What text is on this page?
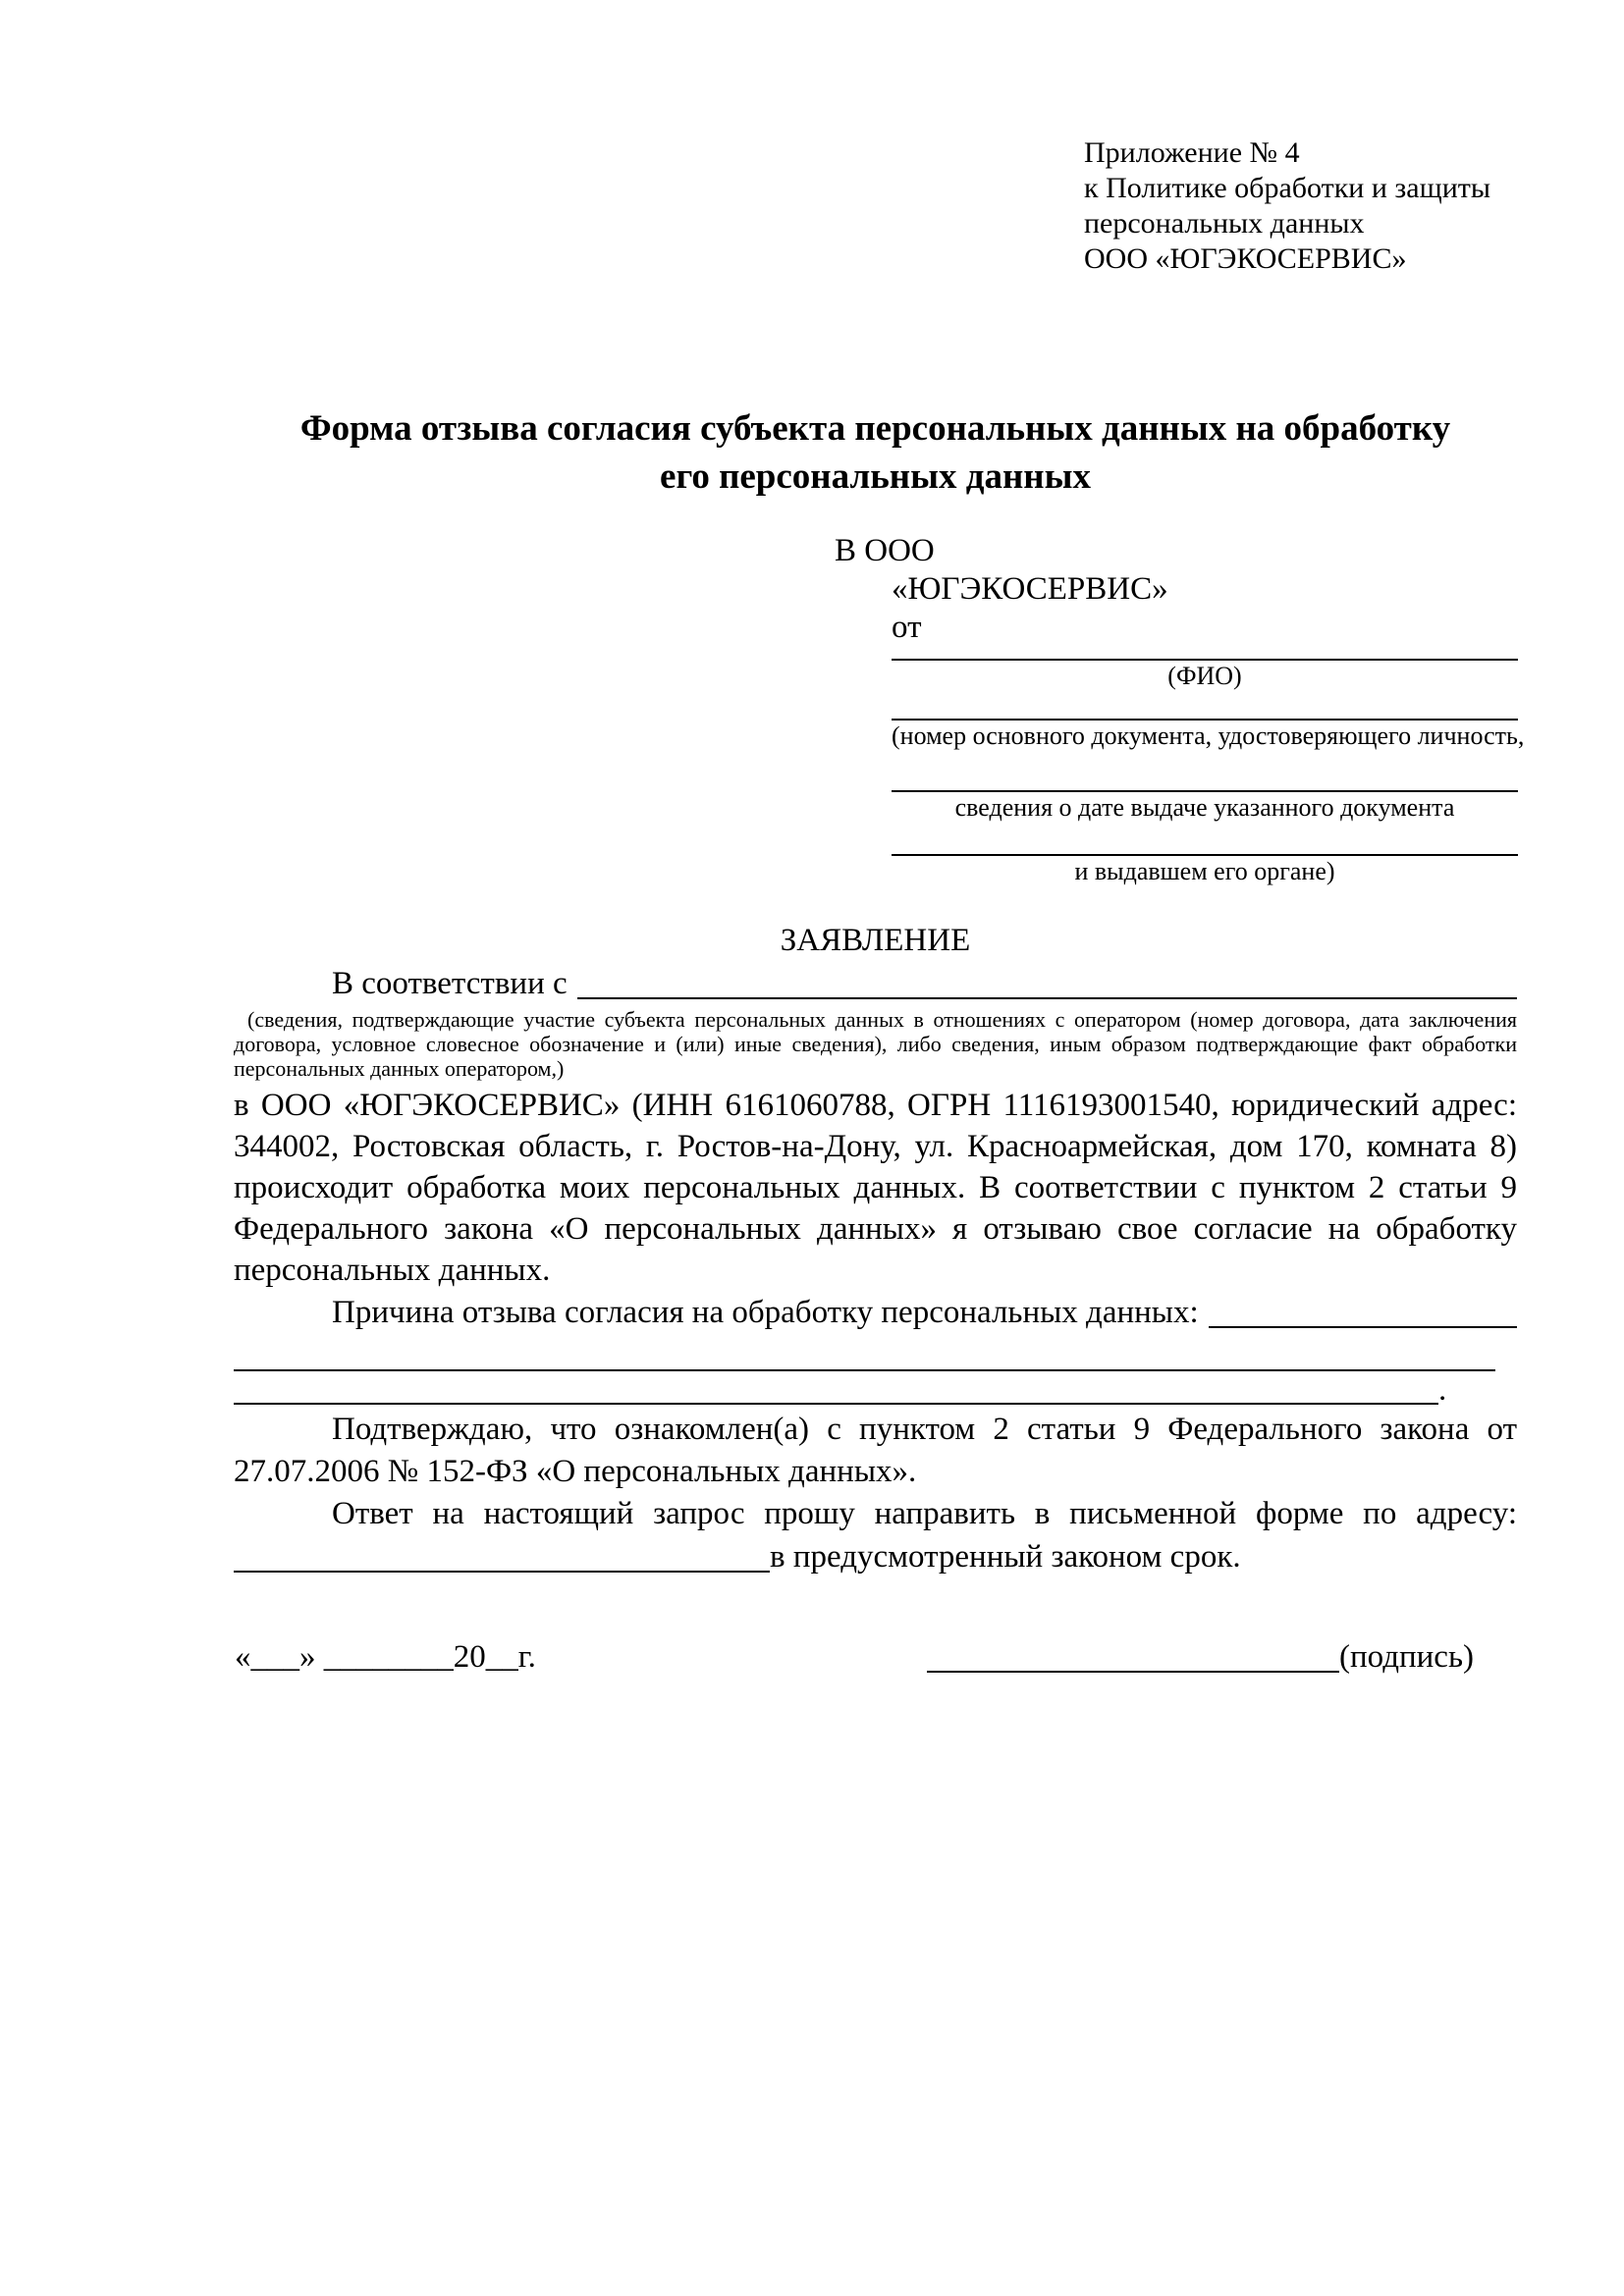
Приложение № 4
к Политике обработки и защиты
персональных данных
ООО «ЮГЭКОСЕРВИС»
Форма отзыва согласия субъекта персональных данных на обработку
его персональных данных
В ООО
«ЮГЭКОСЕРВИС»
от
(ФИО)
(номер основного документа, удостоверяющего личность,
сведения о дате выдаче указанного документа
и выдавшем его органе)
ЗАЯВЛЕНИЕ
В соответствии с
(сведения, подтверждающие участие субъекта персональных данных в отношениях с оператором (номер договора, дата заключения договора, условное словесное обозначение и (или) иные сведения), либо сведения, иным образом подтверждающие факт обработки персональных данных оператором,)
в ООО «ЮГЭКОСЕРВИС» (ИНН 6161060788, ОГРН 1116193001540, юридический адрес: 344002, Ростовская область, г. Ростов-на-Дону, ул. Красноармейская, дом 170, комната 8) происходит обработка моих персональных данных. В соответствии с пунктом 2 статьи 9 Федерального закона «О персональных данных» я отзываю свое согласие на обработку персональных данных.
Причина отзыва согласия на обработку персональных данных:
.
Подтверждаю, что ознакомлен(а) с пунктом 2 статьи 9 Федерального закона от 27.07.2006 № 152-ФЗ «О персональных данных».
Ответ на настоящий запрос прошу направить в письменной форме по адресу:
в предусмотренный законом срок.
«___» ________20__г.	(подпись)
